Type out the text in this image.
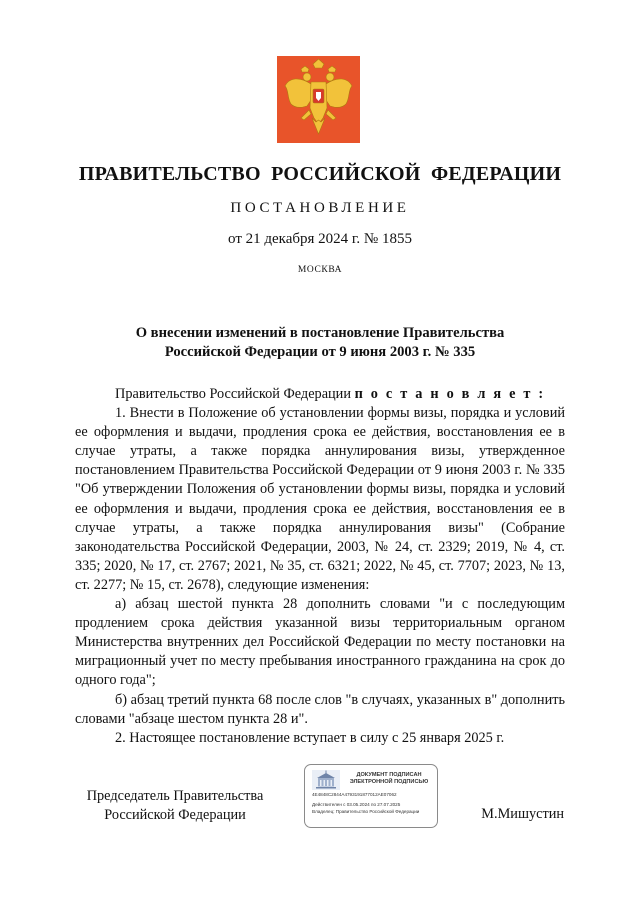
ПРАВИТЕЛЬСТВО  РОССИЙСКОЙ  ФЕДЕРАЦИИ
ПОСТАНОВЛЕНИЕ
от 21 декабря 2024 г. № 1855
МОСКВА
О внесении изменений в постановление Правительства
Российской Федерации от 9 июня 2003 г. № 335

Правительство Российской Федерации п о с т а н о в л я е т :

1. Внести в Положение об установлении формы визы, порядка и условий ее оформления и выдачи, продления срока ее действия, восстановления ее в случае утраты, а также порядка аннулирования визы, утвержденное постановлением Правительства Российской Федерации от 9 июня 2003 г. № 335 "Об утверждении Положения об установлении формы визы, порядка и условий ее оформления и выдачи, продления срока ее действия, восстановления ее в случае утраты, а также порядка аннулирования визы" (Собрание законодательства Российской Федерации, 2003, № 24, ст. 2329; 2019, № 4, ст. 335; 2020, № 17, ст. 2767; 2021, № 35, ст. 6321; 2022, № 45, ст. 7707; 2023, № 13, ст. 2277; № 15, ст. 2678), следующие изменения:

а) абзац шестой пункта 28 дополнить словами "и с последующим продлением срока действия указанной визы территориальным органом Министерства внутренних дел Российской Федерации по месту постановки на миграционный учет по месту пребывания иностранного гражданина на срок до одного года";

б) абзац третий пункта 68 после слов "в случаях, указанных в" дополнить словами "абзаце шестом пункта 28 и".

2. Настоящее постановление вступает в силу с 25 января 2025 г.

Председатель Правительства
Российской Федерации
ДОКУМЕНТ ПОДПИСАН
ЭЛЕКТРОННОЙ ПОДПИСЬЮ
4E4848C2844A4793191877012AE07062
Действителен с 03.05.2024 по 27.07.2025
Владелец: Правительство Российской Федерации	М.Мишустин
